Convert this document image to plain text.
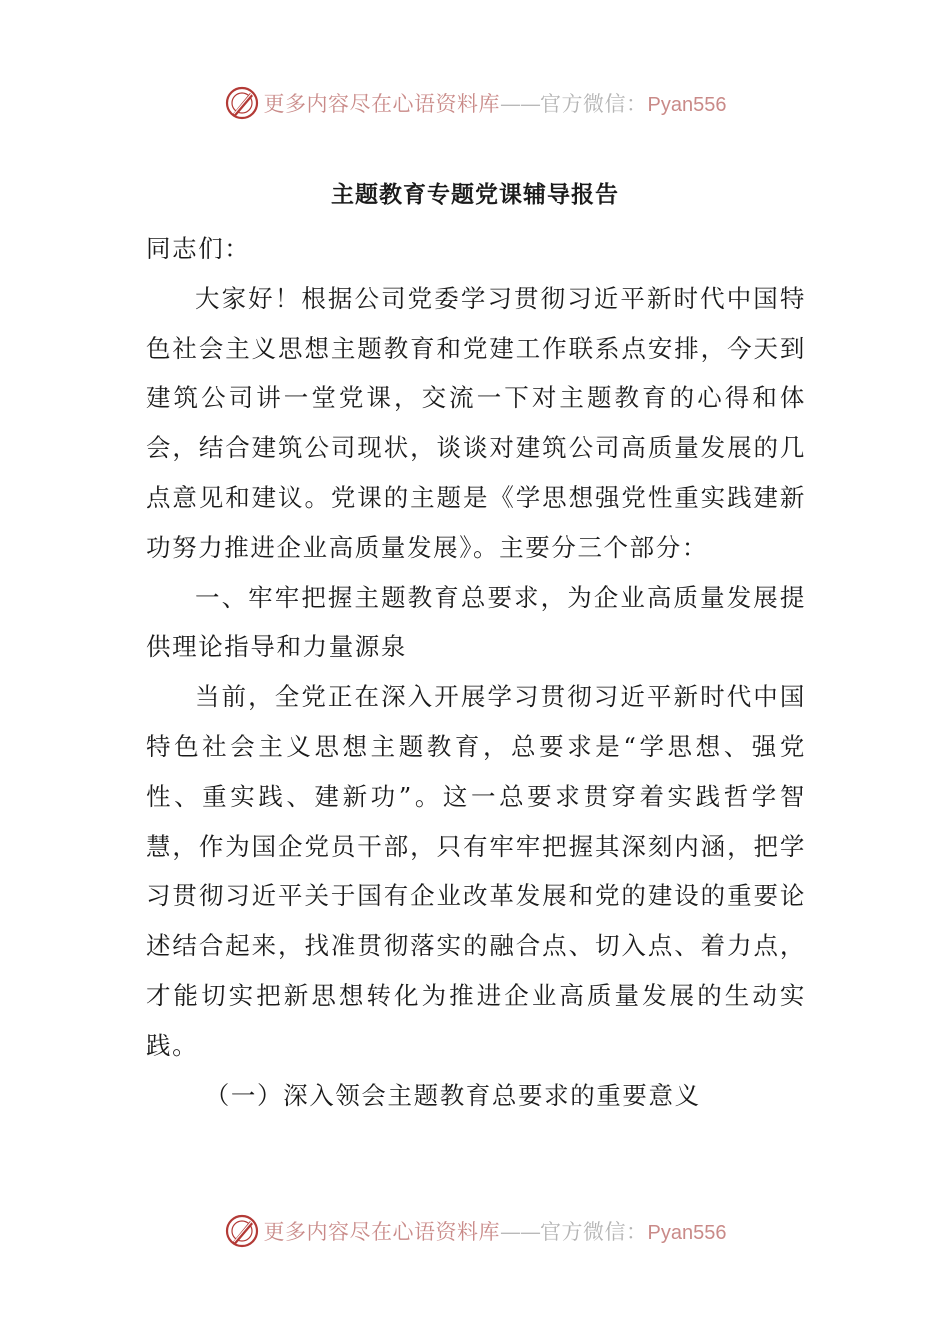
更多内容尽在心语资料库——官方微信：Pyan556
主题教育专题党课辅导报告

同志们：

大家好！根据公司党委学习贯彻习近平新时代中国特色社会主义思想主题教育和党建工作联系点安排，今天到建筑公司讲一堂党课，交流一下对主题教育的心得和体会，结合建筑公司现状，谈谈对建筑公司高质量发展的几点意见和建议。党课的主题是《学思想强党性重实践建新功努力推进企业高质量发展》。主要分三个部分：

一、牢牢把握主题教育总要求，为企业高质量发展提供理论指导和力量源泉

当前，全党正在深入开展学习贯彻习近平新时代中国特色社会主义思想主题教育，总要求是“学思想、强党性、重实践、建新功”。这一总要求贯穿着实践哲学智慧，作为国企党员干部，只有牢牢把握其深刻内涵，把学习贯彻习近平关于国有企业改革发展和党的建设的重要论述结合起来，找准贯彻落实的融合点、切入点、着力点，才能切实把新思想转化为推进企业高质量发展的生动实践。

（一）深入领会主题教育总要求的重要意义

更多内容尽在心语资料库——官方微信：Pyan556
